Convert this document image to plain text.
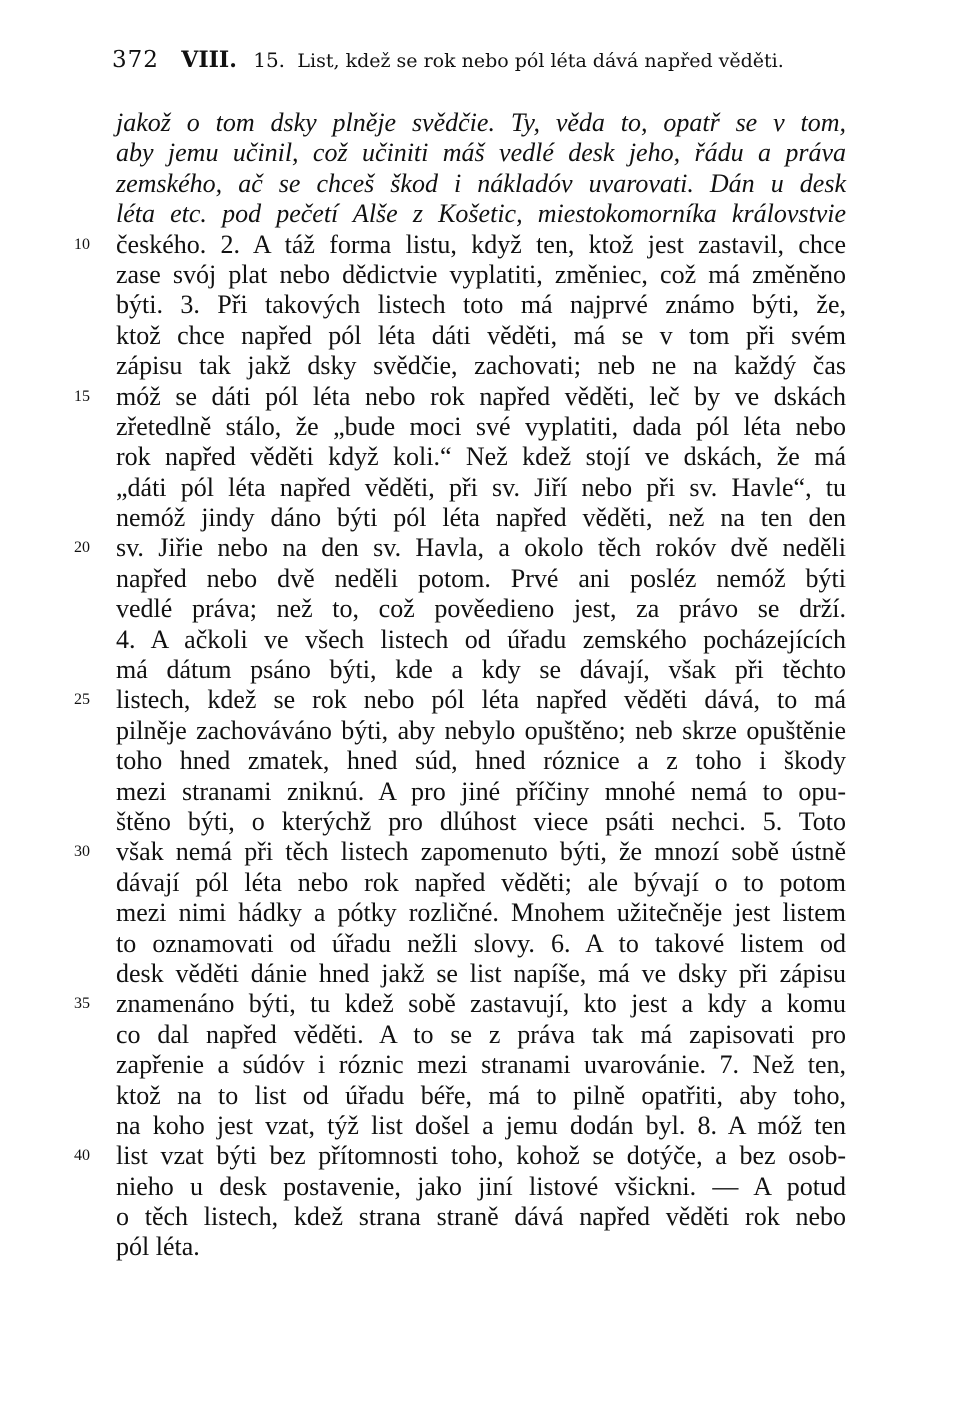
372 VIII. 15. List, kdež se rok nebo pól léta dává napřed věděti.
jakož o tom dsky plněje svědčie. Ty, věda to, opatř se v tom,
aby jemu učinil, což učiniti máš vedlé desk jeho, řádu a práva
zemského, ač se chceš škod i nákladóv uvarovati. Dán u desk
léta etc. pod pečetí Alše z Košetic, miestokomorníka královstvie
10	českého. 2. A táž forma listu, když ten, ktož jest zastavil, chce
zase svój plat nebo dědictvie vyplatiti, změniec, což má změněno
býti. 3. Při takových listech toto má najprvé známo býti, že,
ktož chce napřed pól léta dáti věděti, má se v tom při svém
zápisu tak jakž dsky svědčie, zachovati; neb ne na každý čas
15	móž se dáti pól léta nebo rok napřed věděti, leč by ve dskách
zřetedlně stálo, že „bude moci své vyplatiti, dada pól léta nebo
rok napřed věděti když koli.“ Než kdež stojí ve dskách, že má
„dáti pól léta napřed věděti, při sv. Jiří nebo při sv. Havle“, tu
nemóž jindy dáno býti pól léta napřed věděti, než na ten den
20	sv. Jiřie nebo na den sv. Havla, a okolo těch rokóv dvě neděli
napřed nebo dvě neděli potom. Prvé ani posléz nemóž býti
vedlé práva; než to, což pověedieno jest, za právo se drží.
4. A ačkoli ve všech listech od úřadu zemského pocházejících
má dátum psáno býti, kde a kdy se dávají, však při těchto
25	listech, kdež se rok nebo pól léta napřed věděti dává, to má
pilněje zachováváno býti, aby nebylo opuštěno; neb skrze opuštěnie
toho hned zmatek, hned súd, hned róznice a z toho i škody
mezi stranami zniknú. A pro jiné příčiny mnohé nemá to opu-
štěno býti, o kterýchž pro dlúhost viece psáti nechci. 5. Toto
30	však nemá při těch listech zapomenuto býti, že mnozí sobě ústně
dávají pól léta nebo rok napřed věděti; ale bývají o to potom
mezi nimi hádky a pótky rozličné. Mnohem užitečněje jest listem
to oznamovati od úřadu nežli slovy. 6. A to takové listem od
desk věděti dánie hned jakž se list napíše, má ve dsky při zápisu
35	znamenáno býti, tu kdež sobě zastavují, kto jest a kdy a komu
co dal napřed věděti. A to se z práva tak má zapisovati pro
zapřenie a súdóv i róznic mezi stranami uvarovánie. 7. Než ten,
ktož na to list od úřadu béře, má to pilně opatřiti, aby toho,
na koho jest vzat, týž list došel a jemu dodán byl. 8. A móž ten
40	list vzat býti bez přítomnosti toho, kohož se dotýče, a bez osob-
nieho u desk postavenie, jako jiní listové všickni. — A potud
o těch listech, kdež strana straně dává napřed věděti rok nebo
pól léta.
